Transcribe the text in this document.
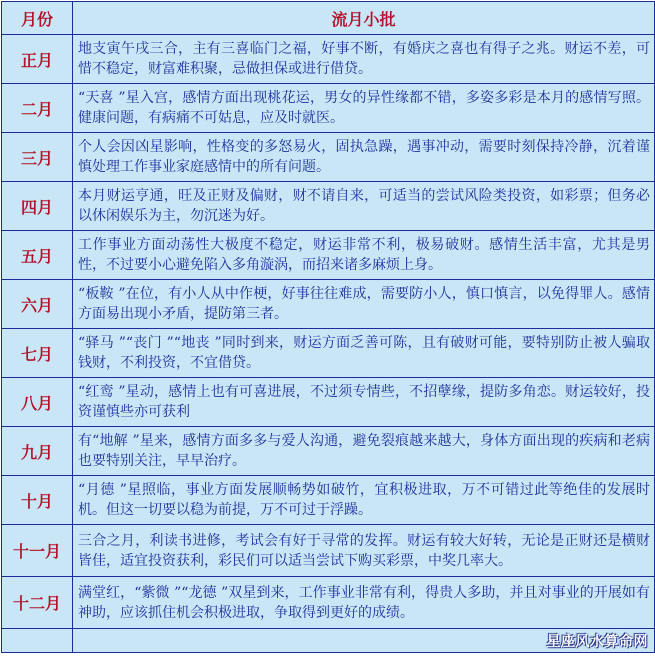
月份	流月小批
正月	地支寅午戌三合，主有三喜临门之福，好事不断，有婚庆之喜也有得子之兆。财运不差，可惜不稳定，财富难积聚，忌做担保或进行借贷。
二月	“天喜 ”星入宫，感情方面出现桃花运，男女的异性缘都不错，多姿多彩是本月的感情写照。健康问题，有病痛不可姑息，应及时就医。
三月	个人会因凶星影响，性格变的多怒易火，固执急躁，遇事冲动，需要时刻保持冷静，沉着谨慎处理工作事业家庭感情中的所有问题。
四月	本月财运亨通，旺及正财及偏财，财不请自来，可适当的尝试风险类投资，如彩票；但务必以休闲娱乐为主，勿沉迷为好。
五月	工作事业方面动荡性大极度不稳定，财运非常不利，极易破财。感情生活丰富，尤其是男性，不过要小心避免陷入多角漩涡，而招来诸多麻烦上身。
六月	“板鞍 ”在位，有小人从中作梗，好事往往难成，需要防小人，慎口慎言，以免得罪人。感情方面易出现小矛盾，提防第三者。
七月	“驿马 ”“丧门 ”“地丧 ”同时到来，财运方面乏善可陈，且有破财可能，要特别防止被人骗取钱财，不利投资，不宜借贷。
八月	“红鸾 ”星动，感情上也有可喜进展，不过须专情些，不招孽缘，提防多角恋。财运较好，投资谨慎些亦可获利
九月	有“地解 ”星来，感情方面多多与爱人沟通，避免裂痕越来越大，身体方面出现的疾病和老病也要特别关注，早早治疗。
十月	“月德 ”星照临，事业方面发展顺畅势如破竹，宜积极进取，万不可错过此等绝佳的发展时机。但这一切要以稳为前提，万不可过于浮躁。
十一月	三合之月，利读书进修，考试会有好于寻常的发挥。财运有较大好转，无论是正财还是横财皆佳，适宜投资获利，彩民们可以适当尝试下购买彩票，中奖几率大。
十二月	满堂红，“紫微 ”“龙德 ”双星到来，工作事业非常有利，得贵人多助，并且对事业的开展如有神助，应该抓住机会积极进取，争取得到更好的成绩。

	星座风水算命网
